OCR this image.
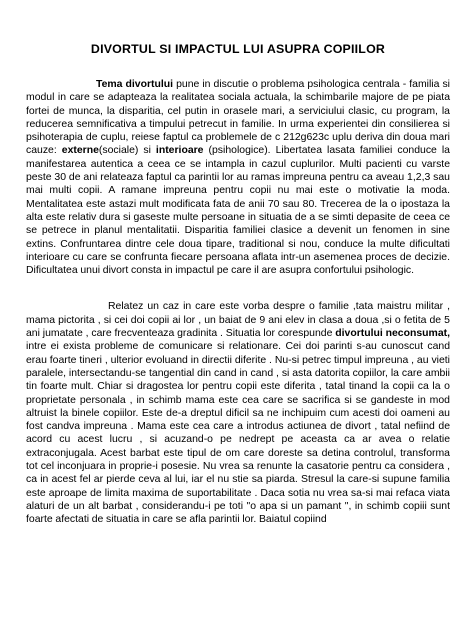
DIVORTUL SI IMPACTUL LUI ASUPRA COPIILOR

Tema divortului pune in discutie o problema psihologica centrala - familia si modul in care se adapteaza la realitatea sociala actuala, la schimbarile majore de pe piata fortei de munca, la disparitia, cel putin in orasele mari, a serviciului clasic, cu program, la reducerea semnificativa a timpului petrecut in familie. In urma experientei din consilierea si psihoterapia de cuplu, reiese faptul ca problemele de c 212g623c uplu deriva din doua mari cauze: externe(sociale) si interioare (psihologice). Libertatea lasata familiei conduce la manifestarea autentica a ceea ce se intampla in cazul cuplurilor. Multi pacienti cu varste peste 30 de ani relateaza faptul ca parintii lor au ramas impreuna pentru ca aveau 1,2,3 sau mai multi copii. A ramane impreuna pentru copii nu mai este o motivatie la moda. Mentalitatea este astazi mult modificata fata de anii 70 sau 80. Trecerea de la o ipostaza la alta este relativ dura si gaseste multe persoane in situatia de a se simti depasite de ceea ce se petrece in planul mentalitatii. Disparitia familiei clasice a devenit un fenomen in sine extins. Confruntarea dintre cele doua tipare, traditional si nou, conduce la multe dificultati interioare cu care se confrunta fiecare persoana aflata intr-un asemenea proces de decizie. Dificultatea unui divort consta in impactul pe care il are asupra confortului psihologic.

Relatez un caz in care este vorba despre o familie ,tata maistru militar , mama pictorita , si cei doi copii ai lor , un baiat de 9 ani elev in clasa a doua ,si o fetita de 5 ani jumatate , care frecventeaza gradinita . Situatia lor corespunde divortului neconsumat, intre ei exista probleme de comunicare si relationare. Cei doi parinti s-au cunoscut cand erau foarte tineri , ulterior evoluand in directii diferite . Nu-si petrec timpul impreuna , au vieti paralele, intersectandu-se tangential din cand in cand , si asta datorita copiilor, la care ambii tin foarte mult. Chiar si dragostea lor pentru copii este diferita , tatal tinand la copii ca la o proprietate personala , in schimb mama este cea care se sacrifica si se gandeste in mod altruist la binele copiilor. Este de-a dreptul dificil sa ne inchipuim cum acesti doi oameni au fost candva impreuna . Mama este cea care a introdus actiunea de divort , tatal nefiind de acord cu acest lucru , si acuzand-o pe nedrept pe aceasta ca ar avea o relatie extraconjugala. Acest barbat este tipul de om care doreste sa detina controlul, transforma tot cel inconjuara in proprie-i posesie. Nu vrea sa renunte la casatorie pentru ca considera , ca in acest fel ar pierde ceva al lui, iar el nu stie sa piarda. Stresul la care-si supune familia este aproape de limita maxima de suportabilitate . Daca sotia nu vrea sa-si mai refaca viata alaturi de un alt barbat , considerandu-i pe toti "o apa si un pamant ", in schimb copiii sunt foarte afectati de situatia in care se afla parintii lor. Baiatul copiind
